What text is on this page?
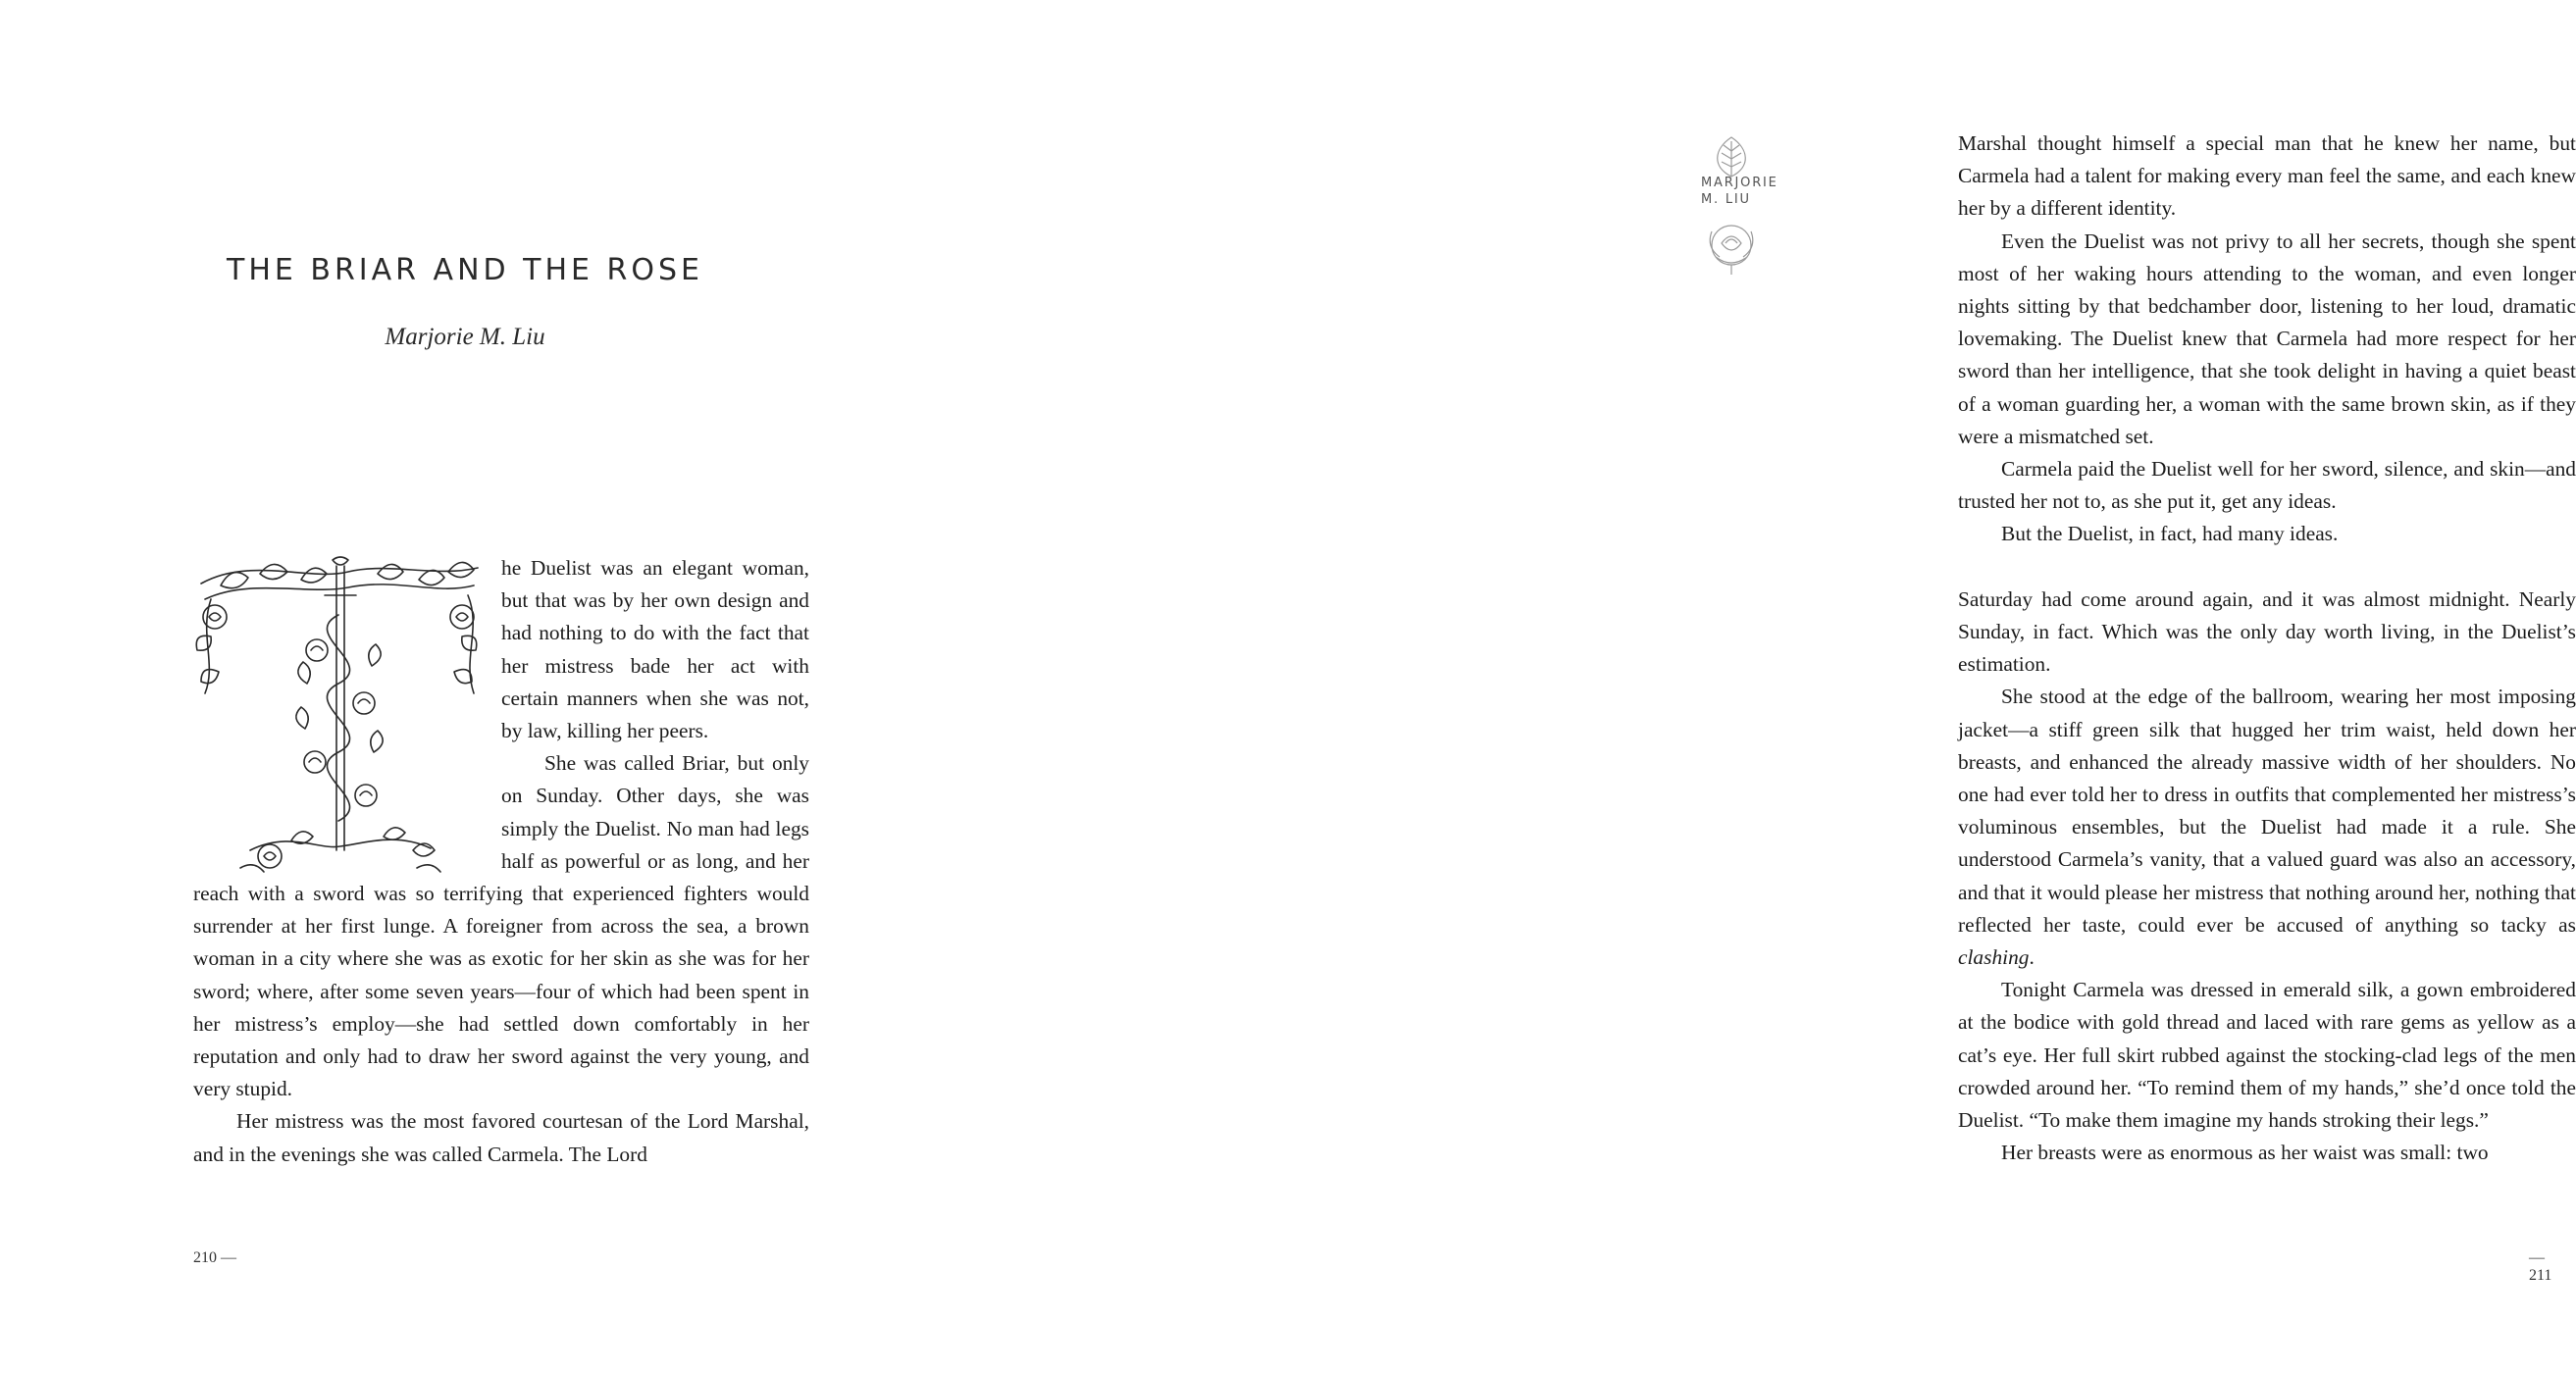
THE BRIAR AND THE ROSE
Marjorie M. Liu

he Duelist was an elegant woman, but that was by her own design and had nothing to do with the fact that her mistress bade her act with certain manners when she was not, by law, killing her peers.

She was called Briar, but only on Sunday. Other days, she was simply the Duelist. No man had legs half as powerful or as long, and her reach with a sword was so terrifying that experienced fighters would surrender at her first lunge. A foreigner from across the sea, a brown woman in a city where she was as exotic for her skin as she was for her sword; where, after some seven years—four of which had been spent in her mistress’s employ—she had settled down comfortably in her reputation and only had to draw her sword against the very young, and very stupid.

Her mistress was the most favored courtesan of the Lord Marshal, and in the evenings she was called Carmela. The Lord

210 —

Marshal thought himself a special man that he knew her name, but Carmela had a talent for making every man feel the same, and each knew her by a different identity.

Even the Duelist was not privy to all her secrets, though she spent most of her waking hours attending to the woman, and even longer nights sitting by that bedchamber door, listening to her loud, dramatic lovemaking. The Duelist knew that Carmela had more respect for her sword than her intelligence, that she took delight in having a quiet beast of a woman guarding her, a woman with the same brown skin, as if they were a mismatched set.

Carmela paid the Duelist well for her sword, silence, and skin—and trusted her not to, as she put it, get any ideas.

But the Duelist, in fact, had many ideas.

Saturday had come around again, and it was almost midnight. Nearly Sunday, in fact. Which was the only day worth living, in the Duelist’s estimation.

She stood at the edge of the ballroom, wearing her most imposing jacket—a stiff green silk that hugged her trim waist, held down her breasts, and enhanced the already massive width of her shoulders. No one had ever told her to dress in outfits that complemented her mistress’s voluminous ensembles, but the Duelist had made it a rule. She understood Carmela’s vanity, that a valued guard was also an accessory, and that it would please her mistress that nothing around her, nothing that reflected her taste, could ever be accused of anything so tacky as clashing.

Tonight Carmela was dressed in emerald silk, a gown embroidered at the bodice with gold thread and laced with rare gems as yellow as a cat’s eye. Her full skirt rubbed against the stocking-clad legs of the men crowded around her. “To remind them of my hands,” she’d once told the Duelist. “To make them imagine my hands stroking their legs.”

Her breasts were as enormous as her waist was small: two

— 211
MARJORIE
M. LIU
